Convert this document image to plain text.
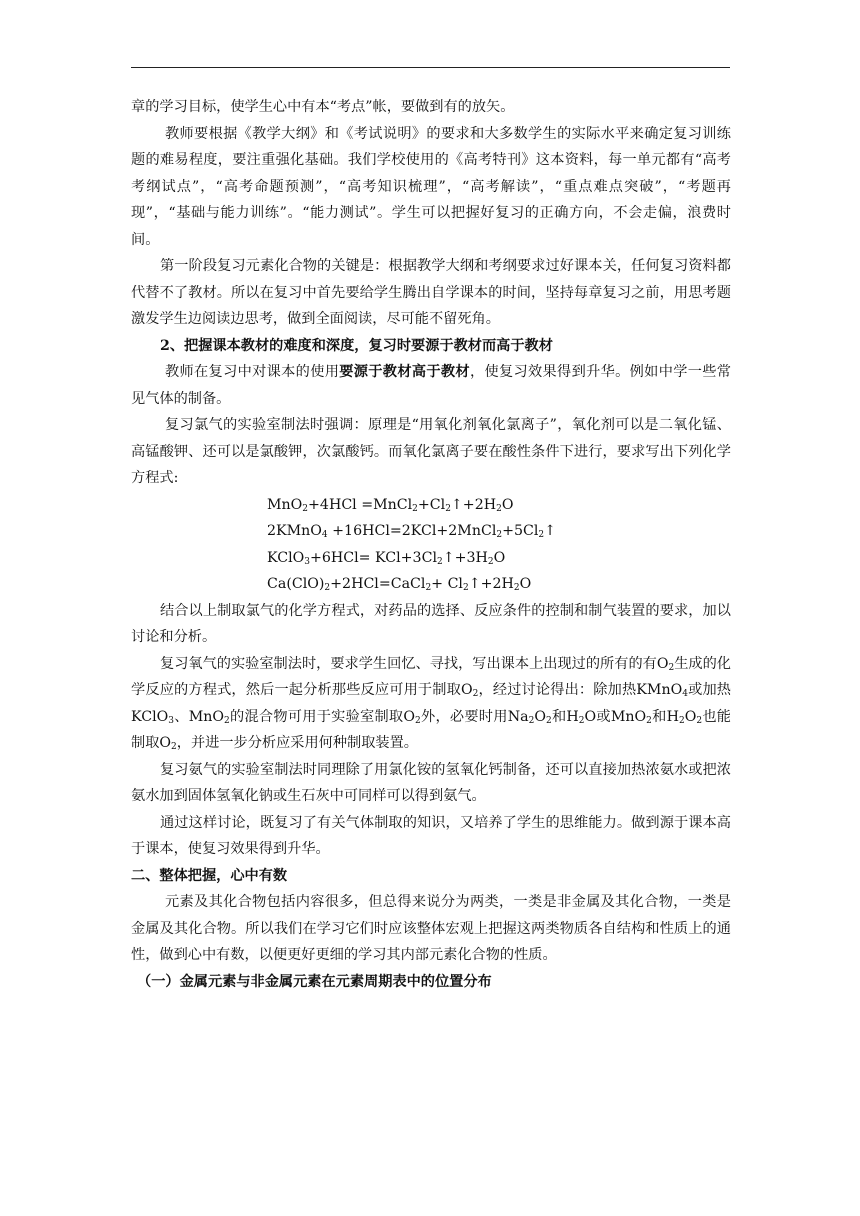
章的学习目标，使学生心中有本“考点”帐，要做到有的放矢。

教师要根据《教学大纲》和《考试说明》的要求和大多数学生的实际水平来确定复习训练题的难易程度，要注重强化基础。我们学校使用的《高考特刊》这本资料，每一单元都有“高考考纲试点”，“高考命题预测”，“高考知识梳理”，“高考解读”，“重点难点突破”，“考题再现”，“基础与能力训练”。“能力测试”。学生可以把握好复习的正确方向，不会走偏，浪费时间。

第一阶段复习元素化合物的关键是：根据教学大纲和考纲要求过好课本关，任何复习资料都代替不了教材。所以在复习中首先要给学生腾出自学课本的时间，坚持每章复习之前，用思考题激发学生边阅读边思考，做到全面阅读，尽可能不留死角。

2、把握课本教材的难度和深度，复习时要源于教材而高于教材

教师在复习中对课本的使用要源于教材高于教材，使复习效果得到升华。例如中学一些常见气体的制备。

复习氯气的实验室制法时强调：原理是“用氧化剂氧化氯离子”，氧化剂可以是二氧化锰、高锰酸钾、还可以是氯酸钾，次氯酸钙。而氧化氯离子要在酸性条件下进行，要求写出下列化学方程式:

$MnO_2+4HCl =MnCl_2+Cl_2↑+2H_2O$

2KMnO$_4$ $+16HCl=2KCl+2MnCl_2+5Cl_2↑$

KClO$_3$+6HCl= $KCl+3Cl_2↑+3H_2O$

$Ca(ClO)_2+2HCl=CaCl_2+$ $Cl_2↑+2H_2O$

结合以上制取氯气的化学方程式，对药品的选择、反应条件的控制和制气装置的要求，加以讨论和分析。

复习氧气的实验室制法时，要求学生回忆、寻找，写出课本上出现过的所有的有$O_2$生成的化学反应的方程式，然后一起分析那些反应可用于制取$O_2$，经过讨论得出：除加热KMnO$_4$或加热KClO$_3$、MnO$_2$的混合物可用于实验室制取$O_2$外，必要时用$Na_2O_2$和$H_2O$或MnO$_2$和$H_2O_2$也能制取$O_2$，并进一步分析应采用何种制取装置。

复习氨气的实验室制法时同理除了用氯化铵的氢氧化钙制备，还可以直接加热浓氨水或把浓氨水加到固体氢氧化钠或生石灰中可同样可以得到氨气。

通过这样讨论，既复习了有关气体制取的知识，又培养了学生的思维能力。做到源于课本高于课本，使复习效果得到升华。

二、整体把握，心中有数

元素及其化合物包括内容很多，但总得来说分为两类，一类是非金属及其化合物，一类是金属及其化合物。所以我们在学习它们时应该整体宏观上把握这两类物质各自结构和性质上的通性，做到心中有数，以便更好更细的学习其内部元素化合物的性质。

（一）金属元素与非金属元素在元素周期表中的位置分布
